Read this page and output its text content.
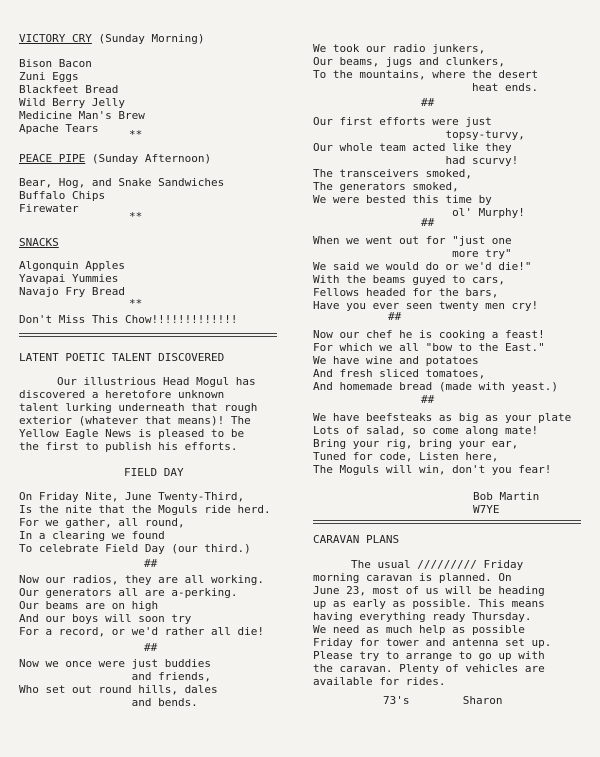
VICTORY CRY (Sunday Morning)
Bison Bacon
Zuni Eggs
Blackfeet Bread
Wild Berry Jelly
Medicine Man's Brew
Apache Tears	**
PEACE PIPE (Sunday Afternoon)
Bear, Hog, and Snake Sandwiches
Buffalo Chips
Firewater
**
SNACKS
Algonquin Apples
Yavapai Yummies
Navajo Fry Bread
**
Don't Miss This Chow!!!!!!!!!!!!!
LATENT POETIC TALENT DISCOVERED
Our illustrious Head Mogul has
discovered a heretofore unknown
talent lurking underneath that rough
exterior (whatever that means)! The
Yellow Eagle News is pleased to be
the first to publish his efforts.
FIELD DAY
On Friday Nite, June Twenty-Third,
Is the nite that the Moguls ride herd.
For we gather, all round,
In a clearing we found
To celebrate Field Day (our third.)
##
Now our radios, they are all working.
Our generators all are a-perking.
Our beams are on high
And our boys will soon try
For a record, or we'd rather all die!
##
Now we once were just buddies
and friends,
Who set out round hills, dales
and bends.
We took our radio junkers,
Our beams, jugs and clunkers,
To the mountains, where the desert
heat ends.
##
Our first efforts were just
topsy-turvy,
Our whole team acted like they
had scurvy!
The transceivers smoked,
The generators smoked,
We were bested this time by
ol' Murphy!
##
When we went out for "just one
more try"
We said we would do or we'd die!"
With the beams guyed to cars,
Fellows headed for the bars,
Have you ever seen twenty men cry!
##
Now our chef he is cooking a feast!
For which we all "bow to the East."
We have wine and potatoes
And fresh sliced tomatoes,
And homemade bread (made with yeast.)
##
We have beefsteaks as big as your plate
Lots of salad, so come along mate!
Bring your rig, bring your ear,
Tuned for code, Listen here,
The Moguls will win, don't you fear!
Bob Martin
W7YE
CARAVAN PLANS
The usual ///////// Friday
morning caravan is planned. On
June 23, most of us will be heading
up as early as possible. This means
having everything ready Thursday.
We need as much help as possible
Friday for tower and antenna set up.
Please try to arrange to go up with
the caravan. Plenty of vehicles are
available for rides.
73's	Sharon
